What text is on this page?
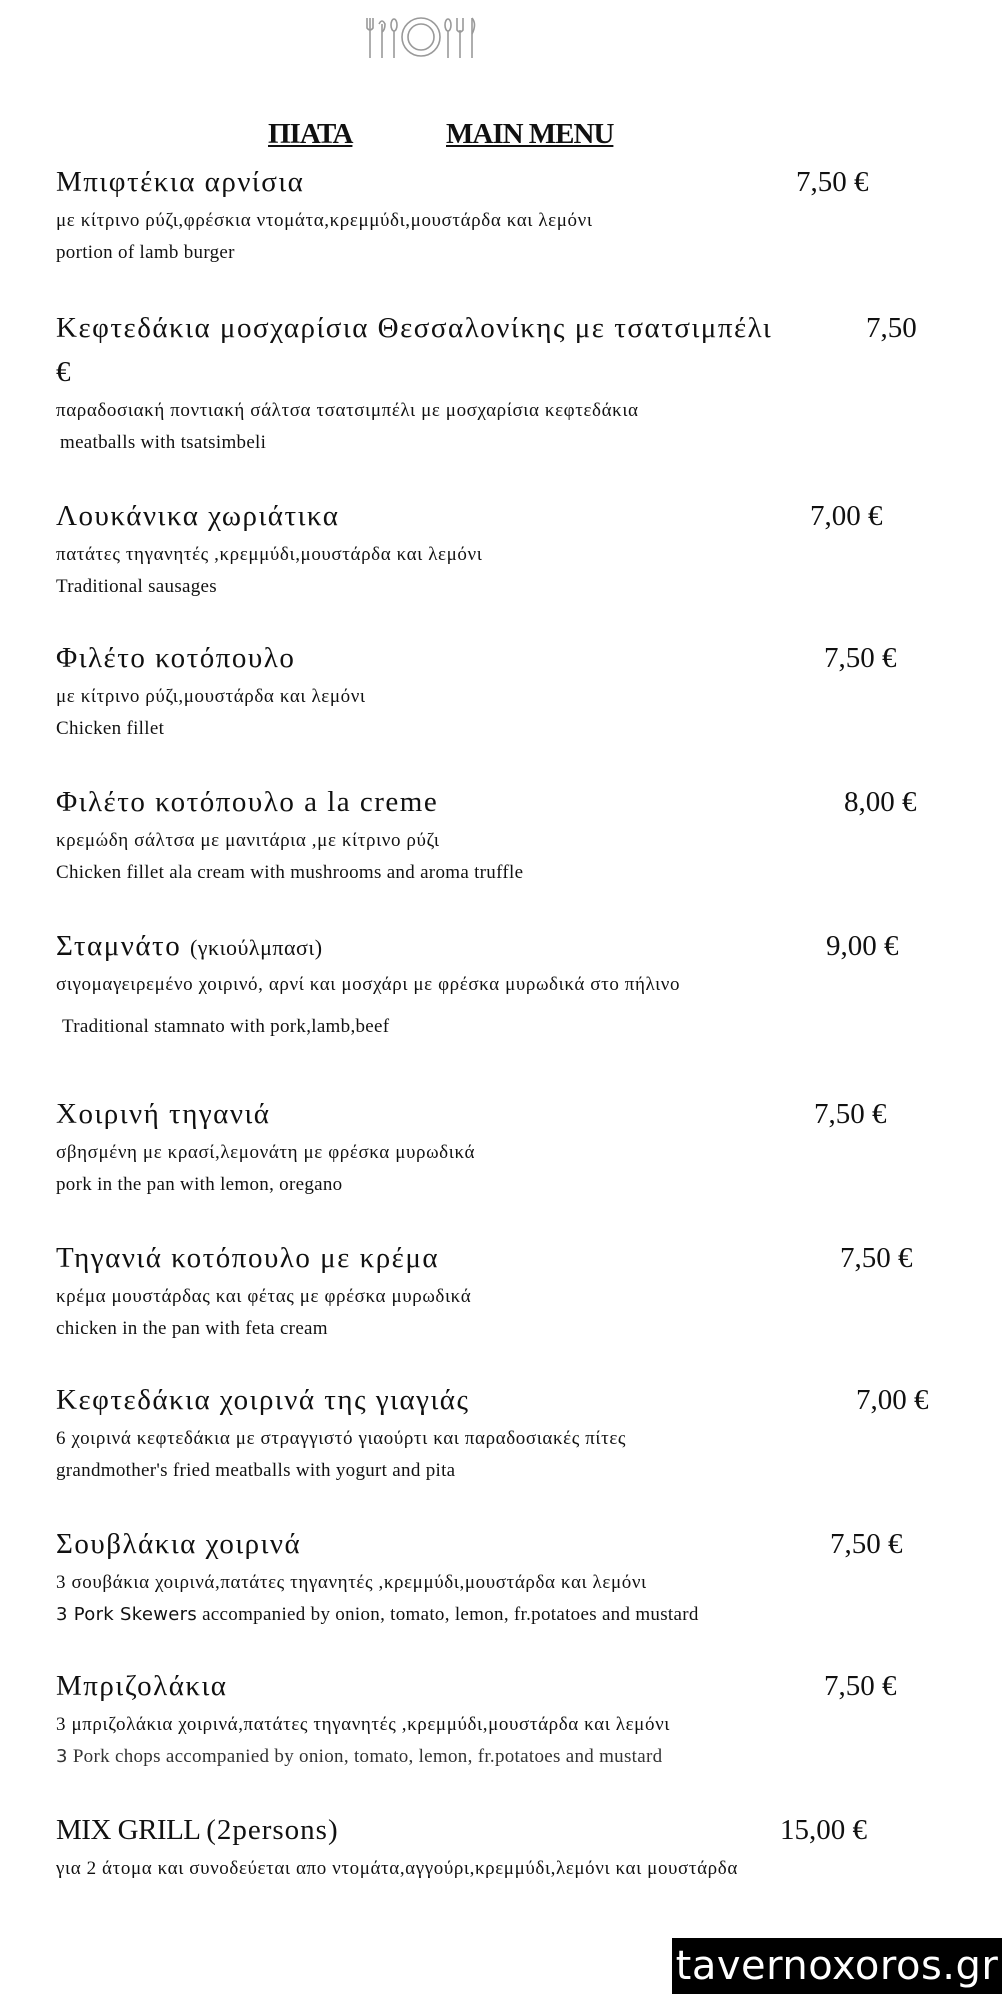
ΠΙΑΤΑ	MAIN MENU
Μπιφτέκια αρνίσια	7,50 €
με κίτρινο ρύζι,φρέσκια ντομάτα,κρεμμύδι,μουστάρδα και λεμόνι
portion of lamb burger
Κεφτεδάκια μοσχαρίσια Θεσσαλονίκης με τσατσιμπέλι	7,50
€
παραδοσιακή ποντιακή σάλτσα τσατσιμπέλι με μοσχαρίσια κεφτεδάκια
meatballs with tsatsimbeli
Λουκάνικα χωριάτικα	7,00 €
πατάτες τηγανητές ,κρεμμύδι,μουστάρδα και λεμόνι
Traditional sausages
Φιλέτο κοτόπουλο	7,50 €
με κίτρινο ρύζι,μουστάρδα και λεμόνι
Chicken fillet
Φιλέτο κοτόπουλο a la creme	8,00 €
κρεμώδη σάλτσα με μανιτάρια ,με κίτρινο ρύζι
Chicken fillet ala cream with mushrooms and aroma truffle
Σταμνάτο (γκιούλμπασι)	9,00 €
σιγομαγειρεμένο χοιρινό, αρνί και μοσχάρι με φρέσκα μυρωδικά στο πήλινο
Traditional stamnato with pork,lamb,beef
Χοιρινή τηγανιά	7,50 €
σβησμένη με κρασί,λεμονάτη με φρέσκα μυρωδικά
pork in the pan with lemon, oregano
Τηγανιά κοτόπουλο με κρέμα	7,50 €
κρέμα μουστάρδας και φέτας με φρέσκα μυρωδικά
chicken in the pan with feta cream
Κεφτεδάκια χοιρινά της γιαγιάς	7,00 €
6 χοιρινά κεφτεδάκια με στραγγιστό γιαούρτι και παραδοσιακές πίτες
grandmother's fried meatballs with yogurt and pita
Σουβλάκια χοιρινά	7,50 €
3 σουβάκια χοιρινά,πατάτες τηγανητές ,κρεμμύδι,μουστάρδα και λεμόνι
3 Pork Skewers accompanied by onion, tomato, lemon, fr.potatoes and mustard
Μπριζολάκια	7,50 €
3 μπριζολάκια χοιρινά,πατάτες τηγανητές ,κρεμμύδι,μουστάρδα και λεμόνι
3 Pork chops accompanied by onion, tomato, lemon, fr.potatoes and mustard
MIX GRILL (2persons)	15,00 €
για 2 άτομα και συνοδεύεται απο ντομάτα,αγγούρι,κρεμμύδι,λεμόνι και μουστάρδα
tavernoxoros.gr
